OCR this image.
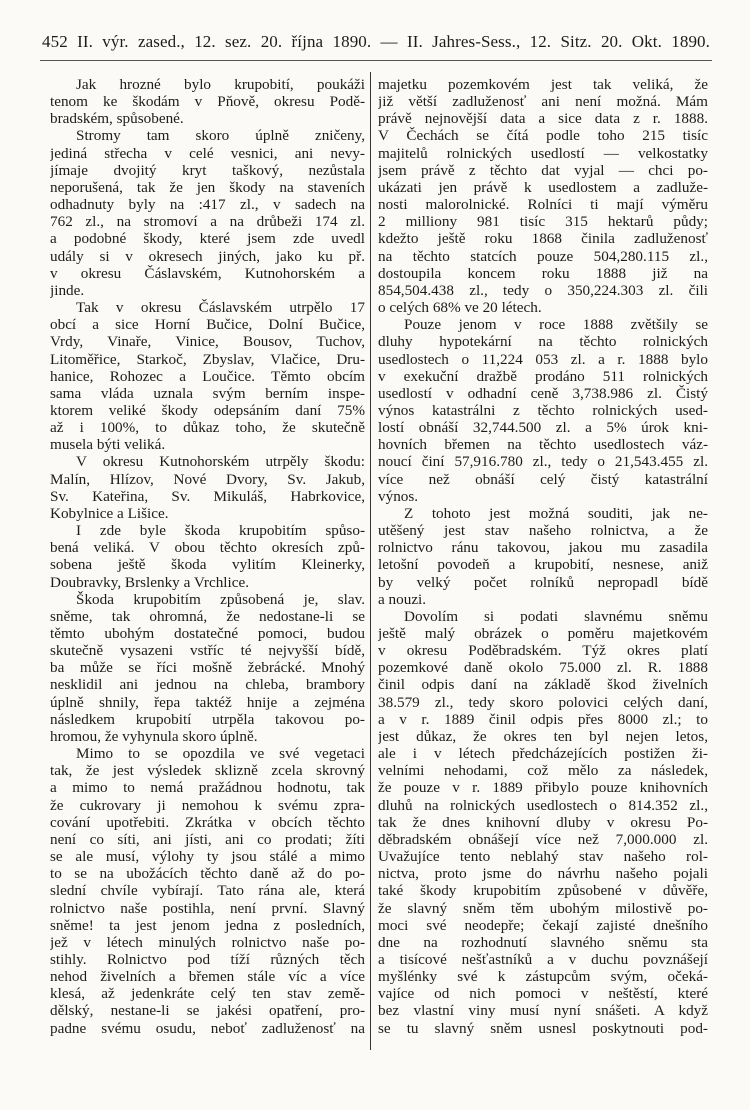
452 II. výr. zased., 12. sez. 20. října 1890. — II. Jahres-Sess., 12. Sitz. 20. Okt. 1890.
Jak hrozné bylo krupobití, poukáži
tenom ke škodám v Pňově, okresu Podě-
bradském, spůsobené.
Stromy tam skoro úplně zničeny,
jediná střecha v celé vesnici, ani nevy-
jímaje dvojitý kryt taškový, nezůstala
neporušená, tak že jen škody na staveních
odhadnuty byly na :417 zl., v sadech na
762 zl., na stromoví a na drůbeži 174 zl.
a podobné škody, které jsem zde uvedl
udály si v okresech jiných, jako ku př.
v okresu Čáslavském, Kutnohorském a
jinde.
Tak v okresu Čáslavském utrpělo 17
obcí a sice Horní Bučice, Dolní Bučice,
Vrdy, Vinaře, Vinice, Bousov, Tuchov,
Litoměřice, Starkoč, Zbyslav, Vlačice, Dru-
hanice, Rohozec a Loučice. Těmto obcím
sama vláda uznala svým berním inspe-
ktorem veliké škody odepsáním daní 75%
až i 100%, to důkaz toho, že skutečně
musela býti veliká.
V okresu Kutnohorském utrpěly škodu:
Malín, Hlízov, Nové Dvory, Sv. Jakub,
Sv. Kateřina, Sv. Mikuláš, Habrkovice,
Kobylnice a Lišice.
I zde byle škoda krupobitím spůso-
bená veliká. V obou těchto okresích způ-
sobena ještě škoda vylitím Kleinerky,
Doubravky, Brslenky a Vrchlice.
Škoda krupobitím způsobená je, slav.
sněme, tak ohromná, že nedostane-li se
těmto ubohým dostatečné pomoci, budou
skutečně vysazeni vstříc té nejvyšší bídě,
ba může se říci mošně žebrácké. Mnohý
nesklidil ani jednou na chleba, brambory
úplně shnily, řepa taktéž hnije a zejména
následkem krupobití utrpěla takovou po-
hromou, že vyhynula skoro úplně.
Mimo to se opozdila ve své vegetaci
tak, že jest výsledek sklizně zcela skrovný
a mimo to nemá pražádnou hodnotu, tak
že cukrovary ji nemohou k svému zpra-
cování upotřebiti. Zkrátka v obcích těchto
není co síti, ani jísti, ani co prodati; žíti
se ale musí, výlohy ty jsou stálé a mimo
to se na ubožácích těchto daně až do po-
slední chvíle vybírají. Tato rána ale, která
rolnictvo naše postihla, není první. Slavný
sněme! ta jest jenom jedna z posledních,
jež v létech minulých rolnictvo naše po-
stihly. Rolnictvo pod tíží různých těch
nehod živelních a břemen stále víc a více
klesá, až jedenkráte celý ten stav země-
dělský, nestane-li se jakési opatření, pro-
padne svému osudu, neboť zadluženosť na
majetku pozemkovém jest tak veliká, že
již větší zadluženosť ani není možná. Mám
právě nejnovější data a sice data z r. 1888.
V Čechách se čítá podle toho 215 tisíc
majitelů rolnických usedlostí — velkostatky
jsem právě z těchto dat vyjal — chci po-
ukázati jen právě k usedlostem a zadluže-
nosti malorolnické. Rolníci ti mají výměru
2 milliony 981 tisíc 315 hektarů půdy;
kdežto ještě roku 1868 činila zadluženosť
na těchto statcích pouze 504,280.115 zl.,
dostoupila koncem roku 1888 již na
854,504.438 zl., tedy o 350,224.303 zl. čili
o celých 68% ve 20 létech.
Pouze jenom v roce 1888 zvětšily se
dluhy hypotekární na těchto rolnických
usedlostech o 11,224 053 zl. a r. 1888 bylo
v exekuční dražbě prodáno 511 rolnických
usedlostí v odhadní ceně 3,738.986 zl. Čistý
výnos katastrálni z těchto rolnických used-
lostí obnáší 32,744.500 zl. a 5% úrok kni-
hovních břemen na těchto usedlostech váz-
noucí činí 57,916.780 zl., tedy o 21,543.455 zl.
více než obnáší celý čistý katastrální
výnos.
Z tohoto jest možná souditi, jak ne-
utěšený jest stav našeho rolnictva, a že
rolnictvo ránu takovou, jakou mu zasadila
letošní povodeň a krupobití, nesnese, aniž
by velký počet rolníků nepropadl bídě
a nouzi.
Dovolím si podati slavnému sněmu
ještě malý obrázek o poměru majetkovém
v okresu Poděbradském. Týž okres platí
pozemkové daně okolo 75.000 zl. R. 1888
činil odpis daní na základě škod živelních
38.579 zl., tedy skoro polovici celých daní,
a v r. 1889 činil odpis přes 8000 zl.; to
jest důkaz, že okres ten byl nejen letos,
ale i v létech předcházejících postižen ži-
velními nehodami, což mělo za následek,
že pouze v r. 1889 přibylo pouze knihovních
dluhů na rolnických usedlostech o 814.352 zl.,
tak že dnes knihovní dluby v okresu Po-
děbradském obnášejí více než 7,000.000 zl.
Uvažujíce tento neblahý stav našeho rol-
nictva, proto jsme do návrhu našeho pojali
také škody krupobitím způsobené v důvěře,
že slavný sněm těm ubohým milostivě po-
moci své neodepře; čekají zajisté dnešního
dne na rozhodnutí slavného sněmu sta
a tisícové nešťastníků a v duchu povznášejí
myšlénky své k zástupcům svým, očeká-
vajíce od nich pomoci v neštěstí, které
bez vlastní viny musí nyní snášeti. A když
se tu slavný sněm usnesl poskytnouti pod-
